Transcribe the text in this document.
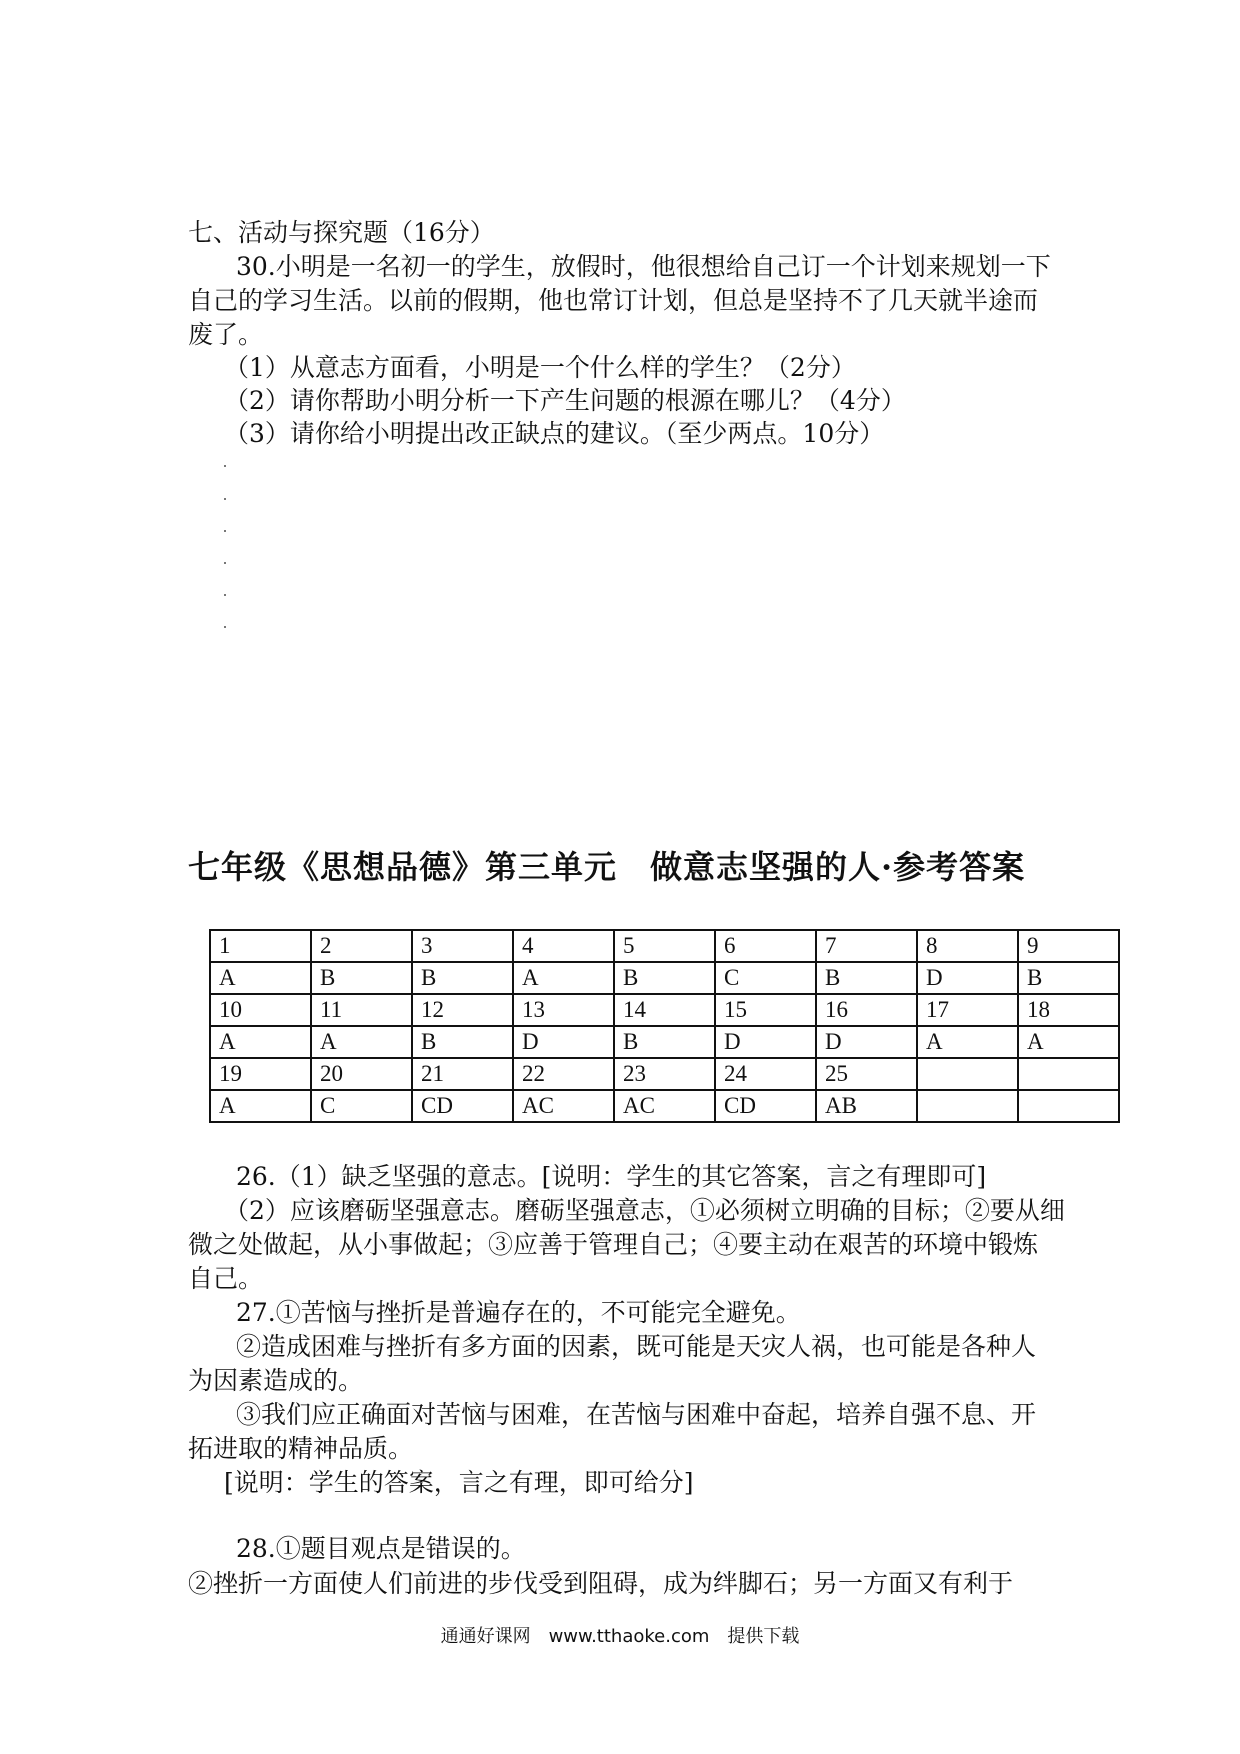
七、活动与探究题（16分）
30.小明是一名初一的学生，放假时，他很想给自己订一个计划来规划一下
自己的学习生活。以前的假期，他也常订计划，但总是坚持不了几天就半途而
废了。
（1）从意志方面看，小明是一个什么样的学生？（2分）
（2）请你帮助小明分析一下产生问题的根源在哪儿？（4分）
（3）请你给小明提出改正缺点的建议。（至少两点。10分）
七年级《思想品德》第三单元　做意志坚强的人·参考答案
1	2	3	4	5	6	7	8	9
A	B	B	A	B	C	B	D	B
10	11	12	13	14	15	16	17	18
A	A	B	D	B	D	D	A	A
19	20	21	22	23	24	25		
A	C	CD	AC	AC	CD	AB		
26.（1）缺乏坚强的意志。[说明：学生的其它答案，言之有理即可]
（2）应该磨砺坚强意志。磨砺坚强意志，①必须树立明确的目标；②要从细
微之处做起，从小事做起；③应善于管理自己；④要主动在艰苦的环境中锻炼
自己。
27.①苦恼与挫折是普遍存在的，不可能完全避免。
②造成困难与挫折有多方面的因素，既可能是天灾人祸，也可能是各种人
为因素造成的。
③我们应正确面对苦恼与困难，在苦恼与困难中奋起，培养自强不息、开
拓进取的精神品质。
[说明：学生的答案，言之有理，即可给分]
28.①题目观点是错误的。
②挫折一方面使人们前进的步伐受到阻碍，成为绊脚石；另一方面又有利于
通通好课网　www.tthaoke.com　提供下载
